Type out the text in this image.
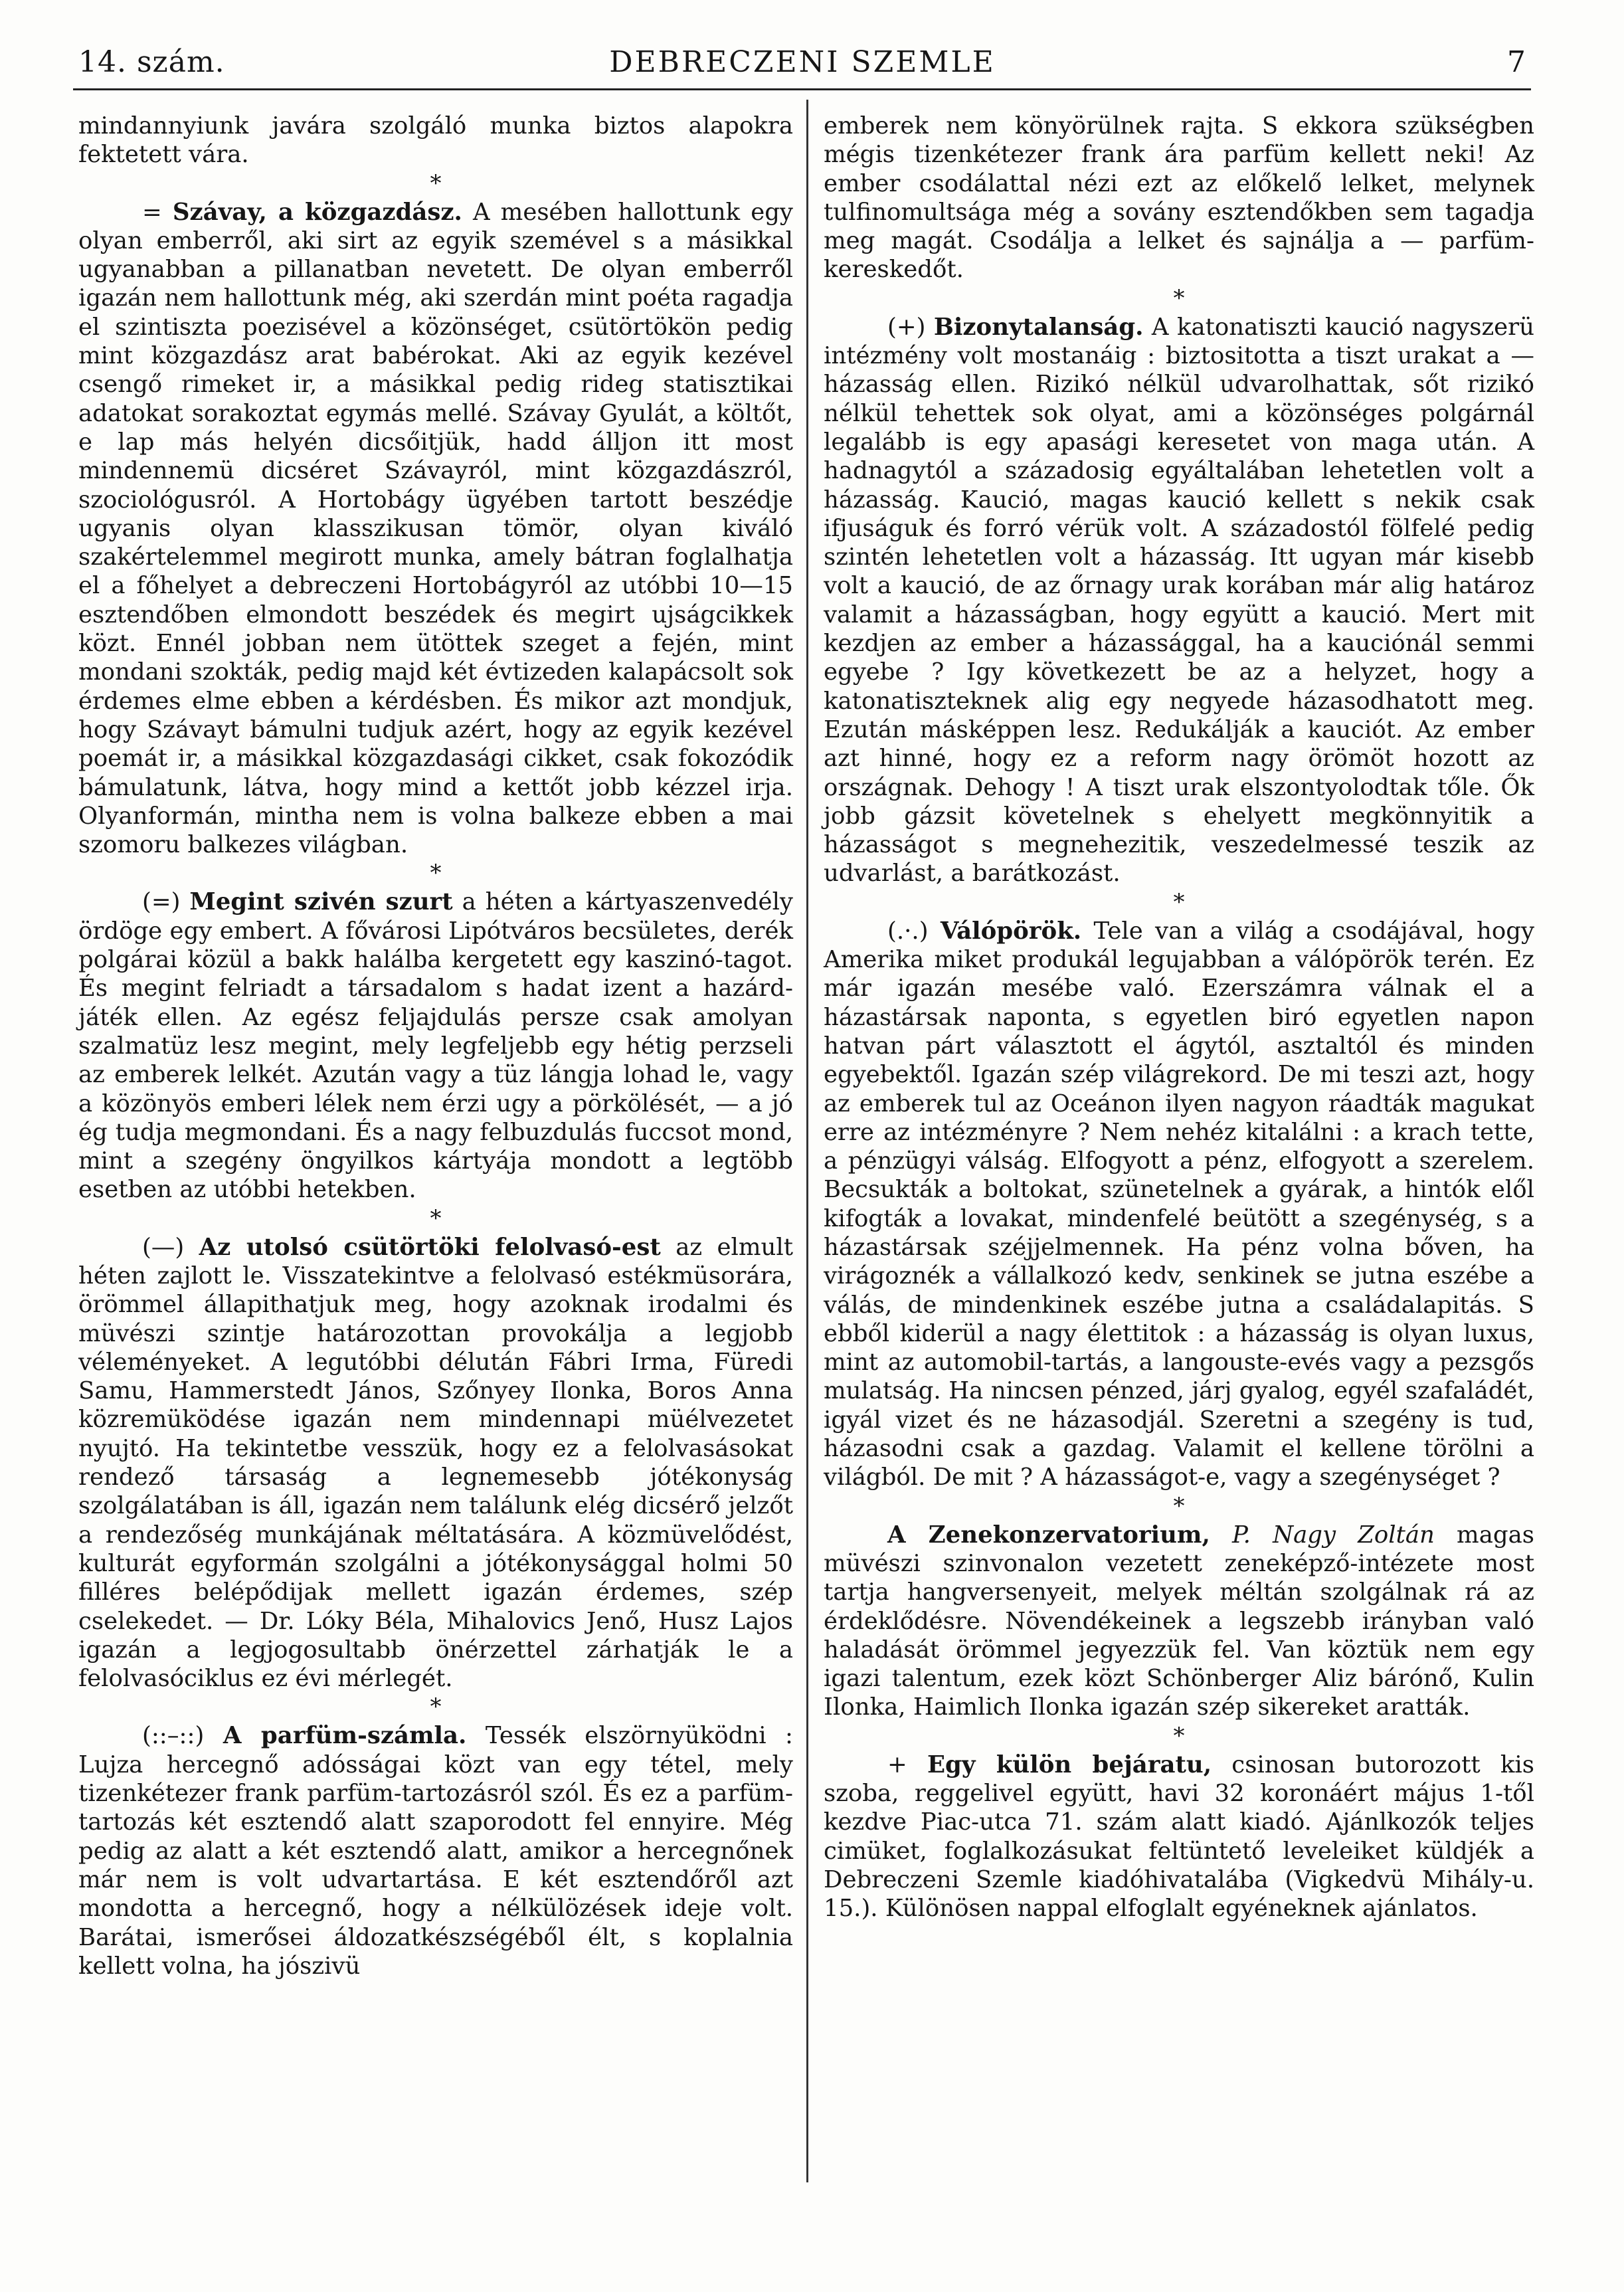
14. szám.	DEBRECZENI SZEMLE	7

mindannyiunk javára szolgáló munka biztos alapokra fektetett vára.

*

= Szávay, a közgazdász. A mesében hallottunk egy olyan emberről, aki sirt az egyik szemével s a másikkal ugyanabban a pillanatban nevetett. De olyan emberről igazán nem hallottunk még, aki szerdán mint poéta ragadja el szintiszta poezisével a közönséget, csütörtökön pedig mint közgazdász arat babérokat. Aki az egyik kezével csengő rimeket ir, a másikkal pedig rideg statisztikai adatokat sorakoztat egymás mellé. Szávay Gyulát, a költőt, e lap más helyén dicsőitjük, hadd álljon itt most mindennemü dicséret Szávayról, mint közgazdászról, szociológusról. A Hortobágy ügyében tartott beszédje ugyanis olyan klasszikusan tömör, olyan kiváló szakértelemmel megirott munka, amely bátran foglalhatja el a főhelyet a debreczeni Hortobágyról az utóbbi 10—15 esztendőben elmondott beszédek és megirt ujságcikkek közt. Ennél jobban nem ütöttek szeget a fején, mint mondani szokták, pedig majd két évtizeden kalapácsolt sok érdemes elme ebben a kérdésben. És mikor azt mondjuk, hogy Szávayt bámulni tudjuk azért, hogy az egyik kezével poemát ir, a másikkal közgazdasági cikket, csak fokozódik bámulatunk, látva, hogy mind a kettőt jobb kézzel irja. Olyanformán, mintha nem is volna balkeze ebben a mai szomoru balkezes világban.

*

(=) Megint szivén szurt a héten a kártyaszenvedély ördöge egy embert. A fővárosi Lipótváros becsületes, derék polgárai közül a bakk halálba kergetett egy kaszinó-tagot. És megint felriadt a társadalom s hadat izent a hazárd-játék ellen. Az egész feljajdulás persze csak amolyan szalmatüz lesz megint, mely legfeljebb egy hétig perzseli az emberek lelkét. Azután vagy a tüz lángja lohad le, vagy a közönyös emberi lélek nem érzi ugy a pörkölését, — a jó ég tudja megmondani. És a nagy felbuzdulás fuccsot mond, mint a szegény öngyilkos kártyája mondott a legtöbb esetben az utóbbi hetekben.

*

(—) Az utolsó csütörtöki felolvasó-est az elmult héten zajlott le. Visszatekintve a felolvasó estékmüsorára, örömmel állapithatjuk meg, hogy azoknak irodalmi és müvészi szintje határozottan provokálja a legjobb véleményeket. A legutóbbi délután Fábri Irma, Füredi Samu, Hammerstedt János, Szőnyey Ilonka, Boros Anna közremüködése igazán nem mindennapi müélvezetet nyujtó. Ha tekintetbe vesszük, hogy ez a felolvasásokat rendező társaság a legnemesebb jótékonyság szolgálatában is áll, igazán nem találunk elég dicsérő jelzőt a rendezőség munkájának méltatására. A közmüvelődést, kulturát egyformán szolgálni a jótékonysággal holmi 50 filléres belépődijak mellett igazán érdemes, szép cselekedet. — Dr. Lóky Béla, Mihalovics Jenő, Husz Lajos igazán a legjogosultabb önérzettel zárhatják le a felolvasóciklus ez évi mérlegét.

*

(::–::) A parfüm-számla. Tessék elszörnyüködni : Lujza hercegnő adósságai közt van egy tétel, mely tizenkétezer frank parfüm-tartozásról szól. És ez a parfüm-tartozás két esztendő alatt szaporodott fel ennyire. Még pedig az alatt a két esztendő alatt, amikor a hercegnőnek már nem is volt udvartartása. E két esztendőről azt mondotta a hercegnő, hogy a nélkülözések ideje volt. Barátai, ismerősei áldozatkészségéből élt, s koplalnia kellett volna, ha jószivü

emberek nem könyörülnek rajta. S ekkora szükségben mégis tizenkétezer frank ára parfüm kellett neki! Az ember csodálattal nézi ezt az előkelő lelket, melynek tulfinomultsága még a sovány esztendőkben sem tagadja meg magát. Csodálja a lelket és sajnálja a — parfüm-kereskedőt.

*

(+) Bizonytalanság. A katonatiszti kaució nagyszerü intézmény volt mostanáig : biztositotta a tiszt urakat a — házasság ellen. Rizikó nélkül udvarolhattak, sőt rizikó nélkül tehettek sok olyat, ami a közönséges polgárnál legalább is egy apasági keresetet von maga után. A hadnagytól a századosig egyáltalában lehetetlen volt a házasság. Kaució, magas kaució kellett s nekik csak ifjuságuk és forró vérük volt. A századostól fölfelé pedig szintén lehetetlen volt a házasság. Itt ugyan már kisebb volt a kaució, de az őrnagy urak korában már alig határoz valamit a házasságban, hogy együtt a kaució. Mert mit kezdjen az ember a házassággal, ha a kauciónál semmi egyebe ? Igy következett be az a helyzet, hogy a katonatiszteknek alig egy negyede házasodhatott meg. Ezután másképpen lesz. Redukálják a kauciót. Az ember azt hinné, hogy ez a reform nagy örömöt hozott az országnak. Dehogy ! A tiszt urak elszontyolodtak tőle. Ők jobb gázsit követelnek s ehelyett megkönnyitik a házasságot s megnehezitik, veszedelmessé teszik az udvarlást, a barátkozást.

*

(.·.) Válópörök. Tele van a világ a csodájával, hogy Amerika miket produkál legujabban a válópörök terén. Ez már igazán mesébe való. Ezerszámra válnak el a házastársak naponta, s egyetlen biró egyetlen napon hatvan párt választott el ágytól, asztaltól és minden egyebektől. Igazán szép világrekord. De mi teszi azt, hogy az emberek tul az Oceánon ilyen nagyon ráadták magukat erre az intézményre ? Nem nehéz kitalálni : a krach tette, a pénzügyi válság. Elfogyott a pénz, elfogyott a szerelem. Becsukták a boltokat, szünetelnek a gyárak, a hintók elől kifogták a lovakat, mindenfelé beütött a szegénység, s a házastársak széjjelmennek. Ha pénz volna bőven, ha virágoznék a vállalkozó kedv, senkinek se jutna eszébe a válás, de mindenkinek eszébe jutna a családalapitás. S ebből kiderül a nagy élettitok : a házasság is olyan luxus, mint az automobil-tartás, a langouste-evés vagy a pezsgős mulatság. Ha nincsen pénzed, járj gyalog, egyél szafaládét, igyál vizet és ne házasodjál. Szeretni a szegény is tud, házasodni csak a gazdag. Valamit el kellene törölni a világból. De mit ? A házasságot-e, vagy a szegénységet ?

*

A Zenekonzervatorium, P. Nagy Zoltán magas müvészi szinvonalon vezetett zeneképző-intézete most tartja hangversenyeit, melyek méltán szolgálnak rá az érdeklődésre. Növendékeinek a legszebb irányban való haladását örömmel jegyezzük fel. Van köztük nem egy igazi talentum, ezek közt Schönberger Aliz bárónő, Kulin Ilonka, Haimlich Ilonka igazán szép sikereket aratták.

*

+ Egy külön bejáratu, csinosan butorozott kis szoba, reggelivel együtt, havi 32 koronáért május 1-től kezdve Piac-utca 71. szám alatt kiadó. Ajánlkozók teljes cimüket, foglalkozásukat feltüntető leveleiket küldjék a Debreczeni Szemle kiadóhivatalába (Vigkedvü Mihály-u. 15.). Különösen nappal elfoglalt egyéneknek ajánlatos.
